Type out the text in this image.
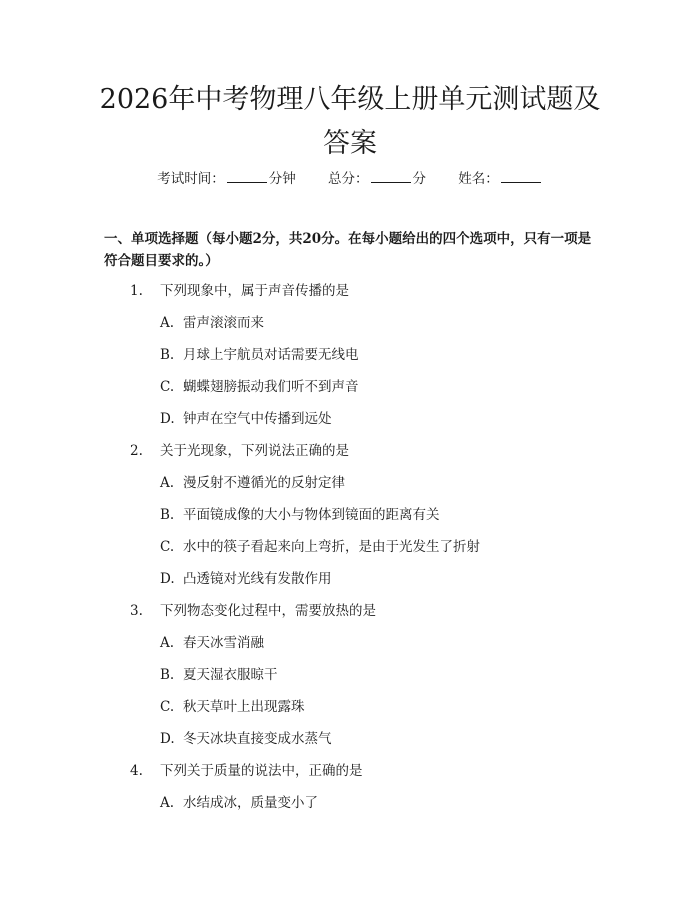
2026年中考物理八年级上册单元测试题及答案
考试时间：	分钟 总分：	分 姓名：

一、单项选择题（每小题2分，共20分。在每小题给出的四个选项中，只有一项是符合题目要求的。）

1. 下列现象中，属于声音传播的是
A. 雷声滚滚而来
B. 月球上宇航员对话需要无线电
C. 蝴蝶翅膀振动我们听不到声音
D. 钟声在空气中传播到远处
2. 关于光现象，下列说法正确的是
A. 漫反射不遵循光的反射定律
B. 平面镜成像的大小与物体到镜面的距离有关
C. 水中的筷子看起来向上弯折，是由于光发生了折射
D. 凸透镜对光线有发散作用
3. 下列物态变化过程中，需要放热的是
A. 春天冰雪消融
B. 夏天湿衣服晾干
C. 秋天草叶上出现露珠
D. 冬天冰块直接变成水蒸气
4. 下列关于质量的说法中，正确的是
A. 水结成冰，质量变小了
